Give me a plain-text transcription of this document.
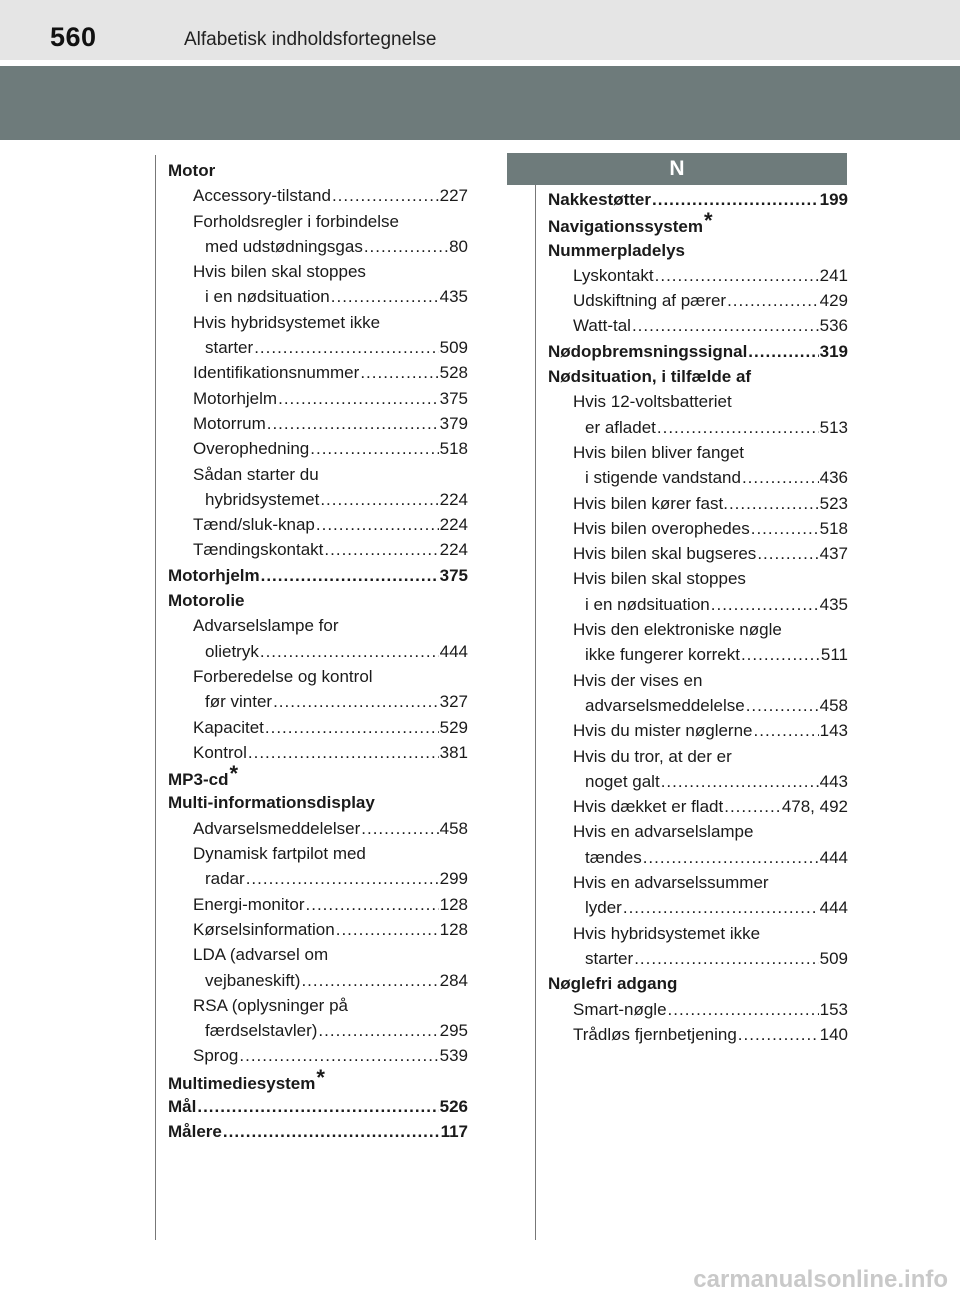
560	Alfabetisk indholdsfortegnelse
Motor
Accessory-tilstand .....	227
Forholdsregler i forbindelse
med udstødningsgas .....	80
Hvis bilen skal stoppes
i en nødsituation .....	435
Hvis hybridsystemet ikke
starter .....	509
Identifikationsnummer .....	528
Motorhjelm .....	375
Motorrum .....	379
Overophedning .....	518
Sådan starter du
hybridsystemet .....	224
Tænd/sluk-knap .....	224
Tændingskontakt .....	224
Motorhjelm .....	375
Motorolie
Advarselslampe for
olietryk .....	444
Forberedelse og kontrol
før vinter .....	327
Kapacitet .....	529
Kontrol .....	381
MP3-cd*
Multi-informationsdisplay
Advarselsmeddelelser .....	458
Dynamisk fartpilot med
radar .....	299
Energi-monitor .....	128
Kørselsinformation .....	128
LDA (advarsel om
vejbaneskift) .....	284
RSA (oplysninger på
færdselstavler) .....	295
Sprog .....	539
Multimediesystem*
Mål .....	526
Målere .....	117
N
Nakkestøtter .....	199
Navigationssystem*
Nummerpladelys
Lyskontakt .....	241
Udskiftning af pærer .....	429
Watt-tal .....	536
Nødopbremsningssignal .....	319
Nødsituation, i tilfælde af
Hvis 12-voltsbatteriet
er afladet .....	513
Hvis bilen bliver fanget
i stigende vandstand .....	436
Hvis bilen kører fast. .....	523
Hvis bilen overophedes .....	518
Hvis bilen skal bugseres .....	437
Hvis bilen skal stoppes
i en nødsituation .....	435
Hvis den elektroniske nøgle
ikke fungerer korrekt .....	511
Hvis der vises en
advarselsmeddelelse .....	458
Hvis du mister nøglerne .....	143
Hvis du tror, at der er
noget galt .....	443
Hvis dækket er fladt .....	478, 492
Hvis en advarselslampe
tændes .....	444
Hvis en advarselssummer
lyder .....	444
Hvis hybridsystemet ikke
starter .....	509
Nøglefri adgang
Smart-nøgle .....	153
Trådløs fjernbetjening .....	140
carmanualsonline.info
